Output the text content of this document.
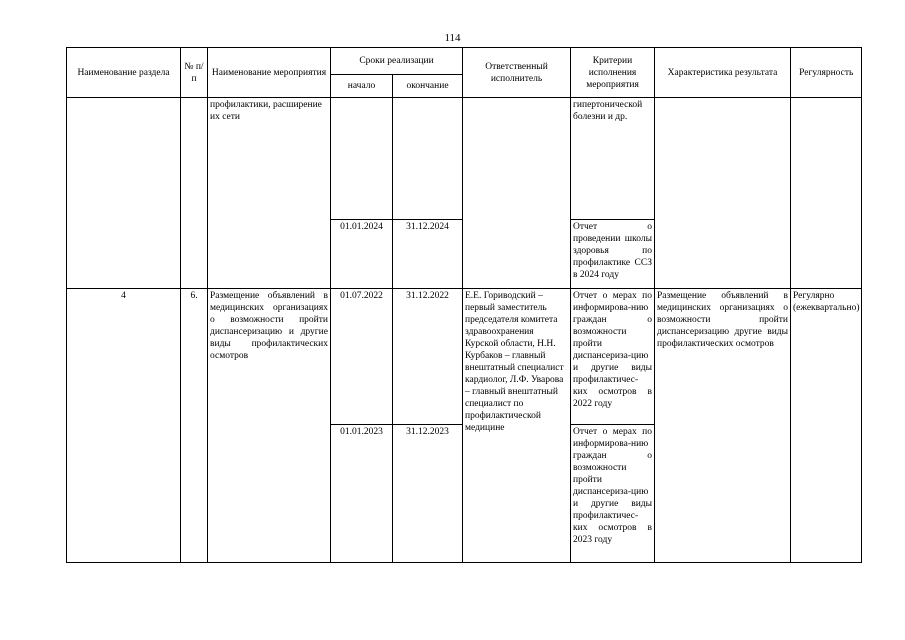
114
Наименование раздела	№ п/п	Наименование мероприятия	Сроки реализации		Ответственный исполнитель	Критерии исполнения мероприятия	Характеристика результата	Регулярность
			начало	окончание				
		профилактики, расширение их сети				гипертонической болезни и др.		
			01.01.2024	31.12.2024		Отчет о проведении школы здоровья по профилактике ССЗ в 2024 году		
4	6.	Размещение объявлений в медицинских организациях о возможности пройти диспансеризацию и другие виды профилактических осмотров	01.07.2022	31.12.2022	Е.Е. Гориводский – первый заместитель председателя комитета здравоохранения Курской области, Н.Н. Курбаков – главный внештатный специалист кардиолог, Л.Ф. Уварова – главный внештатный специалист по профилактической медицине	Отчет о мерах по информирова-нию граждан о возможности пройти диспансериза-цию и другие виды профилактичес-ких осмотров в 2022 году	Размещение объявлений в медицинских организациях о возможности пройти диспансеризацию другие виды профилактических осмотров	Регулярно (ежеквартально)
			01.01.2023	31.12.2023		Отчет о мерах по информирова-нию граждан о возможности пройти диспансериза-цию и другие виды профилактичес-ких осмотров в 2023 году		
